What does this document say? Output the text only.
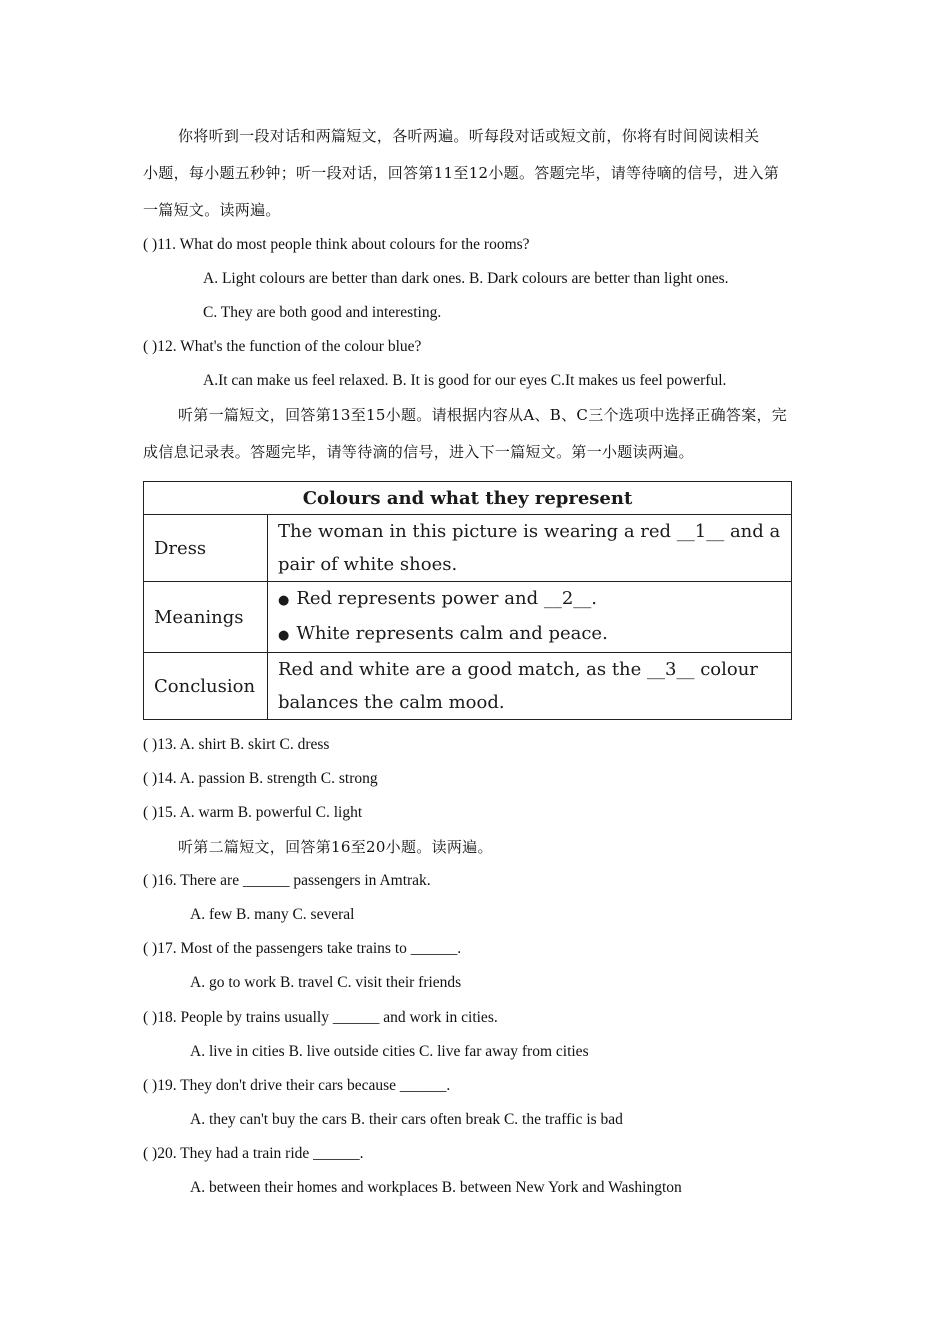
你将听到一段对话和两篇短文，各听两遍。听每段对话或短文前，你将有时间阅读相关
小题，每小题五秒钟；听一段对话，回答第11至12小题。答题完毕，请等待嘀的信号，进入第
一篇短文。读两遍。
( )11. What do most people think about colours for the rooms?
A. Light colours are better than dark ones. B. Dark colours are better than light ones.
C. They are both good and interesting.
( )12. What's the function of the colour blue?
A.It can make us feel relaxed. B. It is good for our eyes C.It makes us feel powerful.
听第一篇短文，回答第13至15小题。请根据内容从A、B、C三个选项中选择正确答案，完
成信息记录表。答题完毕，请等待滴的信号，进入下一篇短文。第一小题读两遍。
Colours and what they represent	
Dress	The woman in this picture is wearing a red __1__ and a
pair of white shoes.

Meanings	● Red represents power and __2__.
● White represents calm and peace.

Conclusion	Red and white are a good match, as the __3__ colour
balances the calm mood.
( )13. A. shirt B. skirt C. dress
( )14. A. passion B. strength C. strong
( )15. A. warm B. powerful C. light
听第二篇短文，回答第16至20小题。读两遍。
( )16. There are ______ passengers in Amtrak.
A. few B. many C. several
( )17. Most of the passengers take trains to ______.
A. go to work B. travel C. visit their friends
( )18. People by trains usually ______ and work in cities.
A. live in cities B. live outside cities C. live far away from cities
( )19. They don't drive their cars because ______.
A. they can't buy the cars B. their cars often break C. the traffic is bad
( )20. They had a train ride ______.
A. between their homes and workplaces B. between New York and Washington
